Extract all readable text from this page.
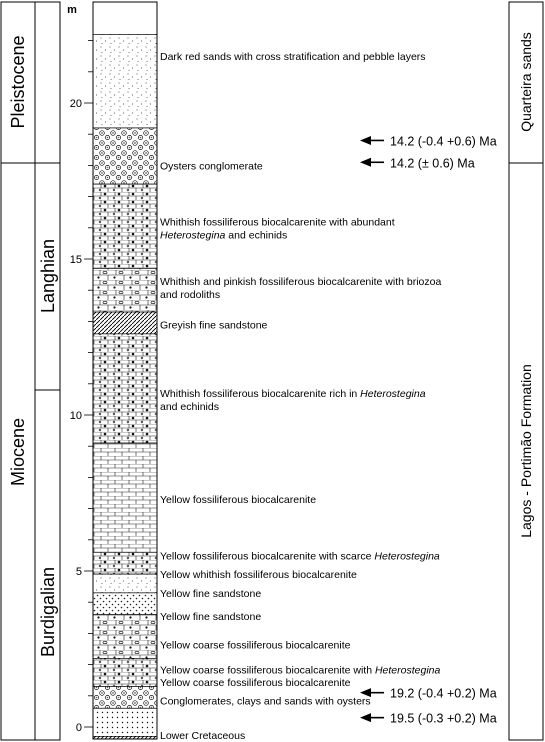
Pleistocene
Miocene
Langhian
Burdigalian
Quarteira sands
Lagos - Portimão Formation
m
20
15
10
5
0
Dark red sands with cross stratification and pebble layers
Oysters conglomerate
Whithish fossiliferous biocalcarenite with abundant
Heterostegina and echinids
Whithish and pinkish fossiliferous biocalcarenite with briozoa
and rodoliths
Greyish fine sandstone
Whithish fossiliferous biocalcarenite rich in Heterostegina
and echinids
Yellow fossiliferous biocalcarenite
Yellow fossiliferous biocalcarenite with scarce Heterostegina
Yellow whithish fossiliferous biocalcarenite
Yellow fine sandstone
Yellow fine sandstone
Yellow coarse fossiliferous biocalcarenite
Yellow coarse fossiliferous biocalcarenite with Heterostegina
Yellow coarse fossiliferous biocalcarenite
Conglomerates, clays and sands with oysters
Lower Cretaceous
14.2 (-0.4 +0.6) Ma
14.2 (± 0.6) Ma
19.2 (-0.4 +0.2) Ma
19.5 (-0.3 +0.2) Ma
